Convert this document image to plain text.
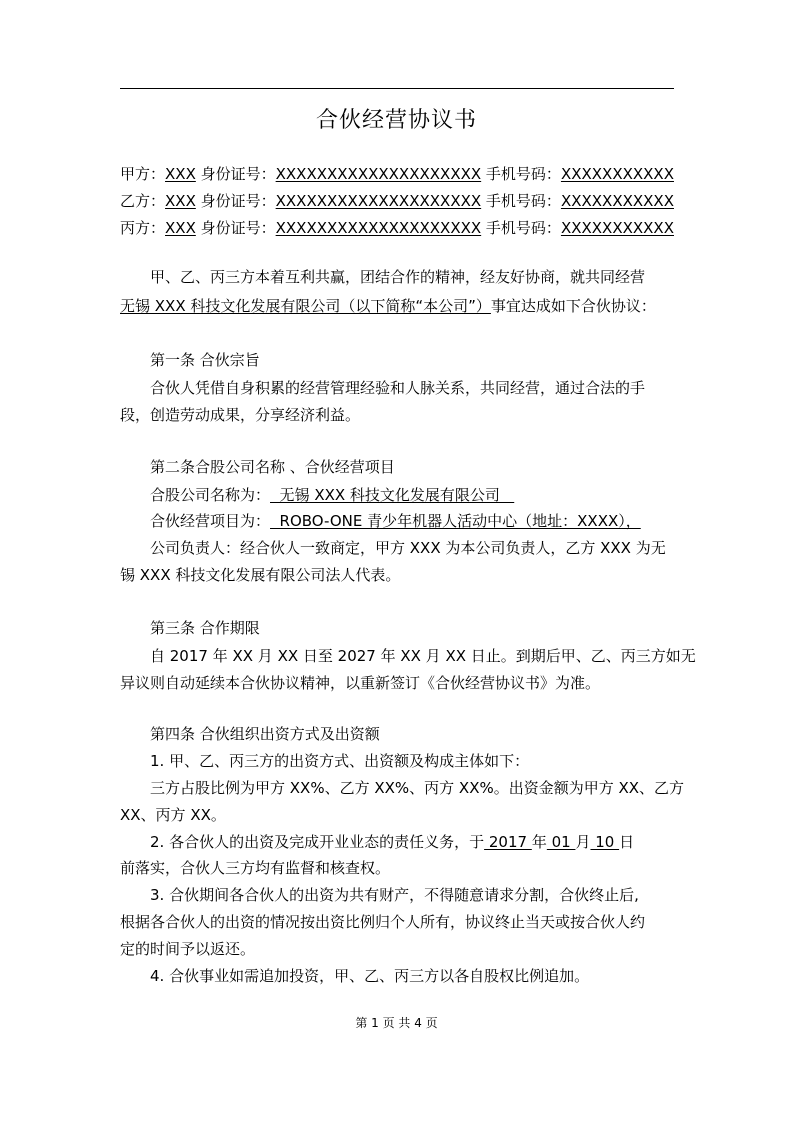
合伙经营协议书
甲方：XXX 身份证号：XXXXXXXXXXXXXXXXXXXX 手机号码：XXXXXXXXXXX
乙方：XXX 身份证号：XXXXXXXXXXXXXXXXXXXX 手机号码：XXXXXXXXXXX
丙方：XXX 身份证号：XXXXXXXXXXXXXXXXXXXX 手机号码：XXXXXXXXXXX
甲、乙、丙三方本着互利共赢，团结合作的精神，经友好协商，就共同经营
无锡 XXX 科技文化发展有限公司（以下简称“本公司”）事宜达成如下合伙协议：
第一条 合伙宗旨
合伙人凭借自身积累的经营管理经验和人脉关系，共同经营，通过合法的手
段，创造劳动成果，分享经济利益。
第二条合股公司名称 、合伙经营项目
合股公司名称为：  无锡 XXX 科技文化发展有限公司
合伙经营项目为：  ROBO-ONE 青少年机器人活动中心（地址：XXXX），
公司负责人：经合伙人一致商定，甲方 XXX 为本公司负责人，乙方 XXX 为无
锡 XXX 科技文化发展有限公司法人代表。
第三条 合作期限
自 2017 年 XX 月 XX 日至 2027 年 XX 月 XX 日止。到期后甲、乙、丙三方如无
异议则自动延续本合伙协议精神，以重新签订《合伙经营协议书》为准。
第四条 合伙组织出资方式及出资额
1. 甲、乙、丙三方的出资方式、出资额及构成主体如下：
三方占股比例为甲方 XX%、乙方 XX%、丙方 XX%。出资金额为甲方 XX、乙方
XX、丙方 XX。
2. 各合伙人的出资及完成开业业态的责任义务，于 2017 年 01 月 10 日
前落实，合伙人三方均有监督和核查权。
3. 合伙期间各合伙人的出资为共有财产，不得随意请求分割，合伙终止后,
根据各合伙人的出资的情况按出资比例归个人所有，协议终止当天或按合伙人约
定的时间予以返还。
4. 合伙事业如需追加投资，甲、乙、丙三方以各自股权比例追加。
第 1 页 共 4 页
